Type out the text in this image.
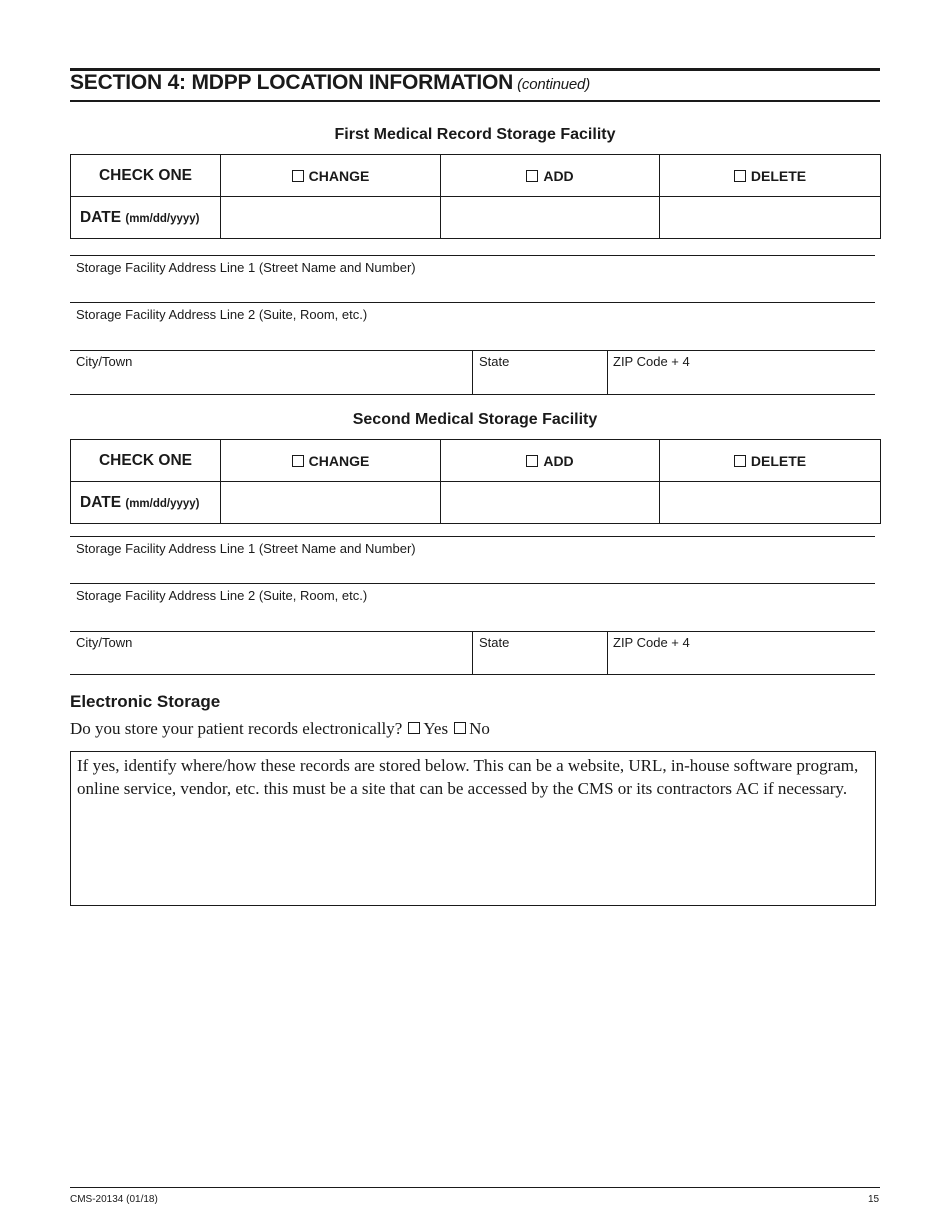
SECTION 4: MDPP LOCATION INFORMATION (continued)
First Medical Record Storage Facility
CHECK ONE	CHANGE	ADD	DELETE
DATE (mm/dd/yyyy)			
Storage Facility Address Line 1 (Street Name and Number)
Storage Facility Address Line 2 (Suite, Room, etc.)
City/Town	State	ZIP Code + 4
Second Medical Storage Facility
CHECK ONE	CHANGE	ADD	DELETE
DATE (mm/dd/yyyy)			
Storage Facility Address Line 1 (Street Name and Number)
Storage Facility Address Line 2 (Suite, Room, etc.)
City/Town	State	ZIP Code + 4
Electronic Storage
Do you store your patient records electronically? Yes No
If yes, identify where/how these records are stored below. This can be a website, URL, in-house software program, online service, vendor, etc. this must be a site that can be accessed by the CMS or its contractors AC if necessary.
CMS-20134 (01/18)	15
